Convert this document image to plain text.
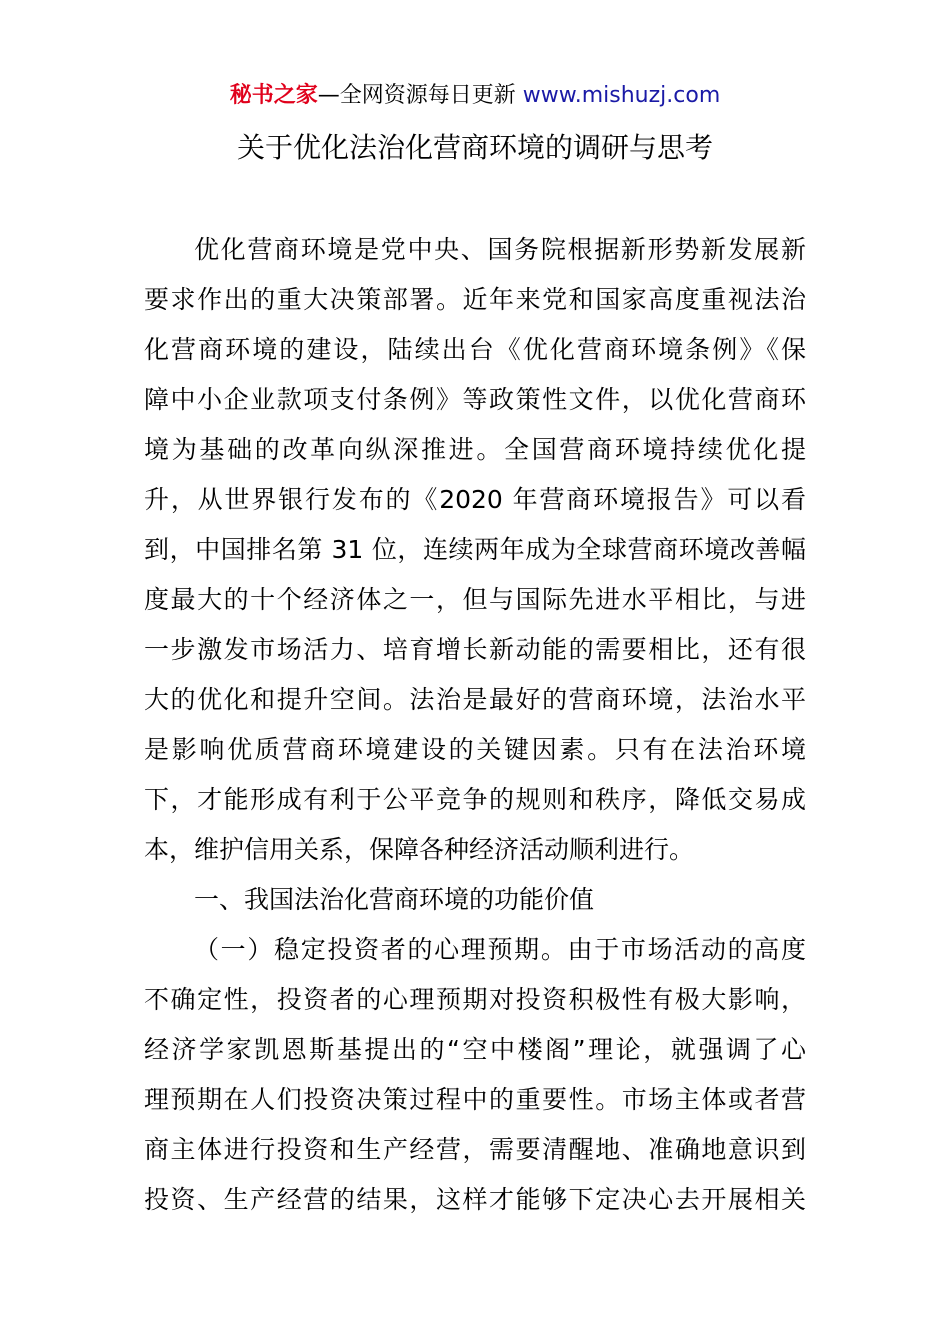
秘书之家—全网资源每日更新 www.mishuzj.com
关于优化法治化营商环境的调研与思考

优化营商环境是党中央、国务院根据新形势新发展新

要求作出的重大决策部署。近年来党和国家高度重视法治

化营商环境的建设，陆续出台《优化营商环境条例》《保

障中小企业款项支付条例》等政策性文件，以优化营商环

境为基础的改革向纵深推进。全国营商环境持续优化提

升，从世界银行发布的《2020 年营商环境报告》可以看

到，中国排名第 31 位，连续两年成为全球营商环境改善幅

度最大的十个经济体之一，但与国际先进水平相比，与进

一步激发市场活力、培育增长新动能的需要相比，还有很

大的优化和提升空间。法治是最好的营商环境，法治水平

是影响优质营商环境建设的关键因素。只有在法治环境

下，才能形成有利于公平竞争的规则和秩序，降低交易成

本，维护信用关系，保障各种经济活动顺利进行。

一、我国法治化营商环境的功能价值

（一）稳定投资者的心理预期。由于市场活动的高度

不确定性，投资者的心理预期对投资积极性有极大影响，

经济学家凯恩斯基提出的“空中楼阁”理论，就强调了心

理预期在人们投资决策过程中的重要性。市场主体或者营

商主体进行投资和生产经营，需要清醒地、准确地意识到

投资、生产经营的结果，这样才能够下定决心去开展相关
